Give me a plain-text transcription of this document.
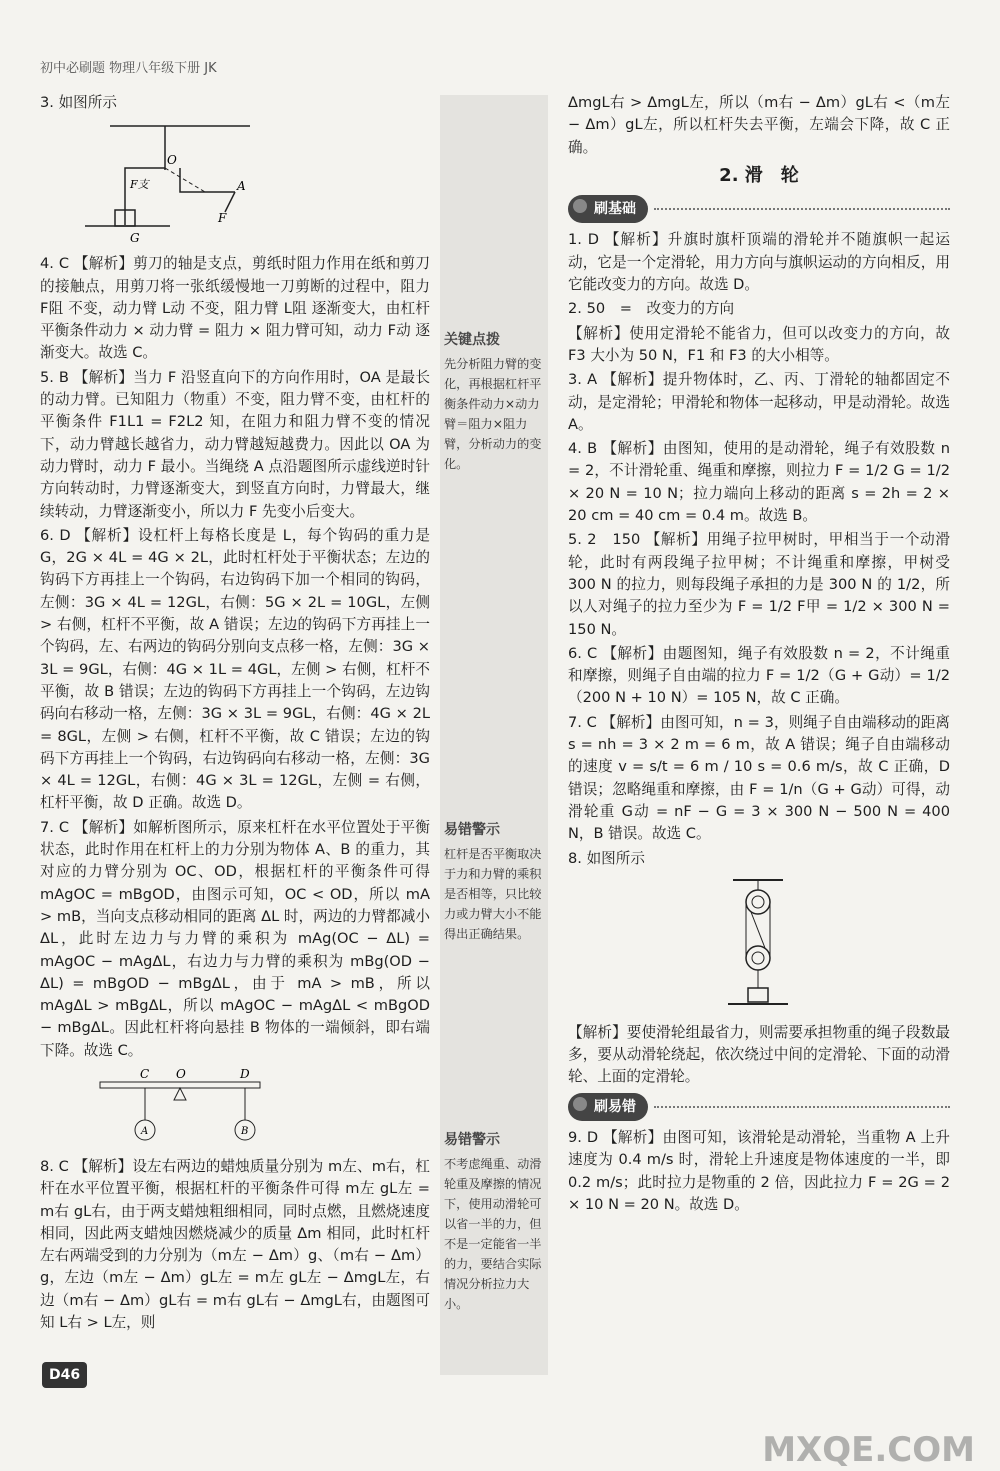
初中必刷题 物理八年级下册 JK
3. 如图所示
O
A
F支
F
G
4. C 【解析】剪刀的轴是支点，剪纸时阻力作用在纸和剪刀的接触点，用剪刀将一张纸缓慢地一刀剪断的过程中，阻力 F阻 不变，动力臂 L动 不变，阻力臂 L阻 逐渐变大，由杠杆平衡条件动力 × 动力臂 = 阻力 × 阻力臂可知，动力 F动 逐渐变大。故选 C。
5. B 【解析】当力 F 沿竖直向下的方向作用时，OA 是最长的动力臂。已知阻力（物重）不变，阻力臂不变，由杠杆的平衡条件 F1L1 = F2L2 知，在阻力和阻力臂不变的情况下，动力臂越长越省力，动力臂越短越费力。因此以 OA 为动力臂时，动力 F 最小。当绳绕 A 点沿题图所示虚线逆时针方向转动时，力臂逐渐变大，到竖直方向时，力臂最大，继续转动，力臂逐渐变小，所以力 F 先变小后变大。
6. D 【解析】设杠杆上每格长度是 L，每个钩码的重力是 G，2G × 4L = 4G × 2L，此时杠杆处于平衡状态；左边的钩码下方再挂上一个钩码，右边钩码下加一个相同的钩码，左侧：3G × 4L = 12GL，右侧：5G × 2L = 10GL，左侧 > 右侧，杠杆不平衡，故 A 错误；左边的钩码下方再挂上一个钩码，左、右两边的钩码分别向支点移一格，左侧：3G × 3L = 9GL，右侧：4G × 1L = 4GL，左侧 > 右侧，杠杆不平衡，故 B 错误；左边的钩码下方再挂上一个钩码，左边钩码向右移动一格，左侧：3G × 3L = 9GL，右侧：4G × 2L = 8GL，左侧 > 右侧，杠杆不平衡，故 C 错误；左边的钩码下方再挂上一个钩码，右边钩码向右移动一格，左侧：3G × 4L = 12GL，右侧：4G × 3L = 12GL，左侧 = 右侧，杠杆平衡，故 D 正确。故选 D。
7. C 【解析】如解析图所示，原来杠杆在水平位置处于平衡状态，此时作用在杠杆上的力分别为物体 A、B 的重力，其对应的力臂分别为 OC、OD，根据杠杆的平衡条件可得 mAgOC = mBgOD，由图示可知，OC < OD，所以 mA > mB，当向支点移动相同的距离 ΔL 时，两边的力臂都减小 ΔL，此时左边力与力臂的乘积为 mAg(OC − ΔL) = mAgOC − mAgΔL，右边力与力臂的乘积为 mBg(OD − ΔL) = mBgOD − mBgΔL，由于 mA > mB，所以 mAgΔL > mBgΔL，所以 mAgOC − mAgΔL < mBgOD − mBgΔL。因此杠杆将向悬挂 B 物体的一端倾斜，即右端下降。故选 C。
C O	D
A	B
8. C 【解析】设左右两边的蜡烛质量分别为 m左、m右，杠杆在水平位置平衡，根据杠杆的平衡条件可得 m左 gL左 = m右 gL右，由于两支蜡烛粗细相同，同时点燃，且燃烧速度相同，因此两支蜡烛因燃烧减少的质量 Δm 相同，此时杠杆左右两端受到的力分别为（m左 − Δm）g、（m右 − Δm）g，左边（m左 − Δm）gL左 = m左 gL左 − ΔmgL左，右边（m右 − Δm）gL右 = m右 gL右 − ΔmgL右，由题图可知 L右 > L左，则
关键点拨
先分析阻力臂的变化，再根据杠杆平衡条件动力×动力臂＝阻力×阻力臂，分析动力的变化。
易错警示
杠杆是否平衡取决于力和力臂的乘积是否相等，只比较力或力臂大小不能得出正确结果。
易错警示
不考虑绳重、动滑轮重及摩擦的情况下，使用动滑轮可以省一半的力，但不是一定能省一半的力，要结合实际情况分析拉力大小。
ΔmgL右 > ΔmgL左，所以（m右 − Δm）gL右 <（m左 − Δm）gL左，所以杠杆失去平衡，左端会下降，故 C 正确。
2. 滑　轮
刷基础
1. D 【解析】升旗时旗杆顶端的滑轮并不随旗帜一起运动，它是一个定滑轮，用力方向与旗帜运动的方向相反，用它能改变力的方向。故选 D。
2. 50　=　改变力的方向
【解析】使用定滑轮不能省力，但可以改变力的方向，故 F3 大小为 50 N，F1 和 F3 的大小相等。
3. A 【解析】提升物体时，乙、丙、丁滑轮的轴都固定不动，是定滑轮；甲滑轮和物体一起移动，甲是动滑轮。故选 A。
4. B 【解析】由图知，使用的是动滑轮，绳子有效股数 n = 2，不计滑轮重、绳重和摩擦，则拉力 F = 1/2 G = 1/2 × 20 N = 10 N；拉力端向上移动的距离 s = 2h = 2 × 20 cm = 40 cm = 0.4 m。故选 B。
5. 2　150 【解析】用绳子拉甲树时，甲相当于一个动滑轮，此时有两段绳子拉甲树；不计绳重和摩擦，甲树受 300 N 的拉力，则每段绳子承担的力是 300 N 的 1/2，所以人对绳子的拉力至少为 F = 1/2 F甲 = 1/2 × 300 N = 150 N。
6. C 【解析】由题图知，绳子有效股数 n = 2，不计绳重和摩擦，则绳子自由端的拉力 F = 1/2（G + G动）= 1/2（200 N + 10 N）= 105 N，故 C 正确。
7. C 【解析】由图可知，n = 3，则绳子自由端移动的距离 s = nh = 3 × 2 m = 6 m，故 A 错误；绳子自由端移动的速度 v = s/t = 6 m / 10 s = 0.6 m/s，故 C 正确，D 错误；忽略绳重和摩擦，由 F = 1/n（G + G动）可得，动滑轮重 G动 = nF − G = 3 × 300 N − 500 N = 400 N，B 错误。故选 C。
8. 如图所示
【解析】要使滑轮组最省力，则需要承担物重的绳子段数最多，要从动滑轮绕起，依次绕过中间的定滑轮、下面的动滑轮、上面的定滑轮。
刷易错
9. D 【解析】由图可知，该滑轮是动滑轮，当重物 A 上升速度为 0.4 m/s 时，滑轮上升速度是物体速度的一半，即 0.2 m/s；此时拉力是物重的 2 倍，因此拉力 F = 2G = 2 × 10 N = 20 N。故选 D。
D46
MXQE.COM
